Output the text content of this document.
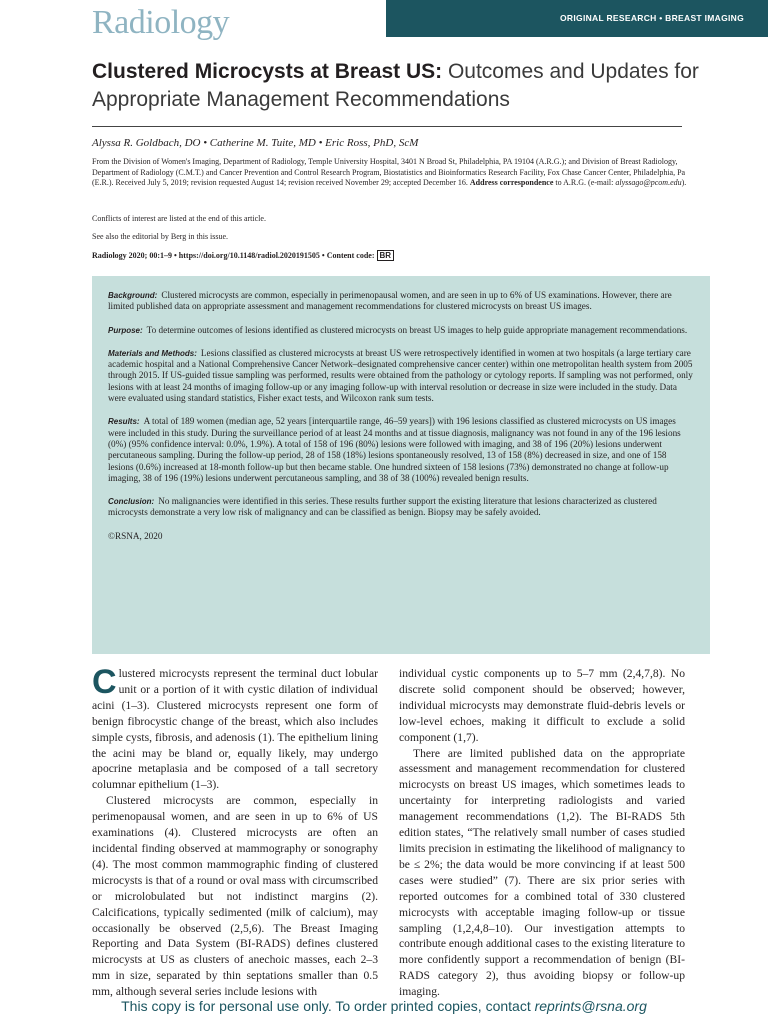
Radiology	ORIGINAL RESEARCH • BREAST IMAGING
Clustered Microcysts at Breast US: Outcomes and Updates for Appropriate Management Recommendations
Alyssa R. Goldbach, DO • Catherine M. Tuite, MD • Eric Ross, PhD, ScM
From the Division of Women's Imaging, Department of Radiology, Temple University Hospital, 3401 N Broad St, Philadelphia, PA 19104 (A.R.G.); and Division of Breast Radiology, Department of Radiology (C.M.T.) and Cancer Prevention and Control Research Program, Biostatistics and Bioinformatics Research Facility, Fox Chase Cancer Center, Philadelphia, Pa (E.R.). Received July 5, 2019; revision requested August 14; revision received November 29; accepted December 16. Address correspondence to A.R.G. (e-mail: alyssago@pcom.edu).
Conflicts of interest are listed at the end of this article.
See also the editorial by Berg in this issue.
Radiology 2020; 00:1–9 • https://doi.org/10.1148/radiol.2020191505 • Content code: BR

Background: Clustered microcysts are common, especially in perimenopausal women, and are seen in up to 6% of US examinations. However, there are limited published data on appropriate assessment and management recommendations for clustered microcysts on breast US images.

Purpose: To determine outcomes of lesions identified as clustered microcysts on breast US images to help guide appropriate management recommendations.

Materials and Methods: Lesions classified as clustered microcysts at breast US were retrospectively identified in women at two hospitals (a large tertiary care academic hospital and a National Comprehensive Cancer Network–designated comprehensive cancer center) within one metropolitan health system from 2005 through 2015. If US-guided tissue sampling was performed, results were obtained from the pathology or cytology reports. If sampling was not performed, only lesions with at least 24 months of imaging follow-up or any imaging follow-up with interval resolution or decrease in size were included in the study. Data were evaluated using standard statistics, Fisher exact tests, and Wilcoxon rank sum tests.

Results: A total of 189 women (median age, 52 years [interquartile range, 46–59 years]) with 196 lesions classified as clustered microcysts on US images were included in this study. During the surveillance period of at least 24 months and at tissue diagnosis, malignancy was not found in any of the 196 lesions (0%) (95% confidence interval: 0.0%, 1.9%). A total of 158 of 196 (80%) lesions were followed with imaging, and 38 of 196 (20%) lesions underwent percutaneous sampling. During the follow-up period, 28 of 158 (18%) lesions spontaneously resolved, 13 of 158 (8%) decreased in size, and one of 158 lesions (0.6%) increased at 18-month follow-up but then became stable. One hundred sixteen of 158 lesions (73%) demonstrated no change at follow-up imaging, 38 of 196 (19%) lesions underwent percutaneous sampling, and 38 of 38 (100%) revealed benign results.

Conclusion: No malignancies were identified in this series. These results further support the existing literature that lesions characterized as clustered microcysts demonstrate a very low risk of malignancy and can be classified as benign. Biopsy may be safely avoided.

©RSNA, 2020

Clustered microcysts represent the terminal duct lobular unit or a portion of it with cystic dilation of individual acini (1–3). Clustered microcysts represent one form of benign fibrocystic change of the breast, which also includes simple cysts, fibrosis, and adenosis (1). The epithelium lining the acini may be bland or, equally likely, may undergo apocrine metaplasia and be composed of a tall secretory columnar epithelium (1–3).

Clustered microcysts are common, especially in perimenopausal women, and are seen in up to 6% of US examinations (4). Clustered microcysts are often an incidental finding observed at mammography or sonography (4). The most common mammographic finding of clustered microcysts is that of a round or oval mass with circumscribed or microlobulated but not indistinct margins (2). Calcifications, typically sedimented (milk of calcium), may occasionally be observed (2,5,6). The Breast Imaging Reporting and Data System (BI-RADS) defines clustered microcysts at US as clusters of anechoic masses, each 2–3 mm in size, separated by thin septations smaller than 0.5 mm, although several series include lesions with

individual cystic components up to 5–7 mm (2,4,7,8). No discrete solid component should be observed; however, individual microcysts may demonstrate fluid-debris levels or low-level echoes, making it difficult to exclude a solid component (1,7).

There are limited published data on the appropriate assessment and management recommendation for clustered microcysts on breast US images, which sometimes leads to uncertainty for interpreting radiologists and varied management recommendations (1,2). The BI-RADS 5th edition states, “The relatively small number of cases studied limits precision in estimating the likelihood of malignancy to be ≤ 2%; the data would be more convincing if at least 500 cases were studied” (7). There are six prior series with reported outcomes for a combined total of 330 clustered microcysts with acceptable imaging follow-up or tissue sampling (1,2,4,8–10). Our investigation attempts to contribute enough additional cases to the existing literature to more confidently support a recommendation of benign (BI-RADS category 2), thus avoiding biopsy or follow-up imaging.

This copy is for personal use only. To order printed copies, contact reprints@rsna.org
